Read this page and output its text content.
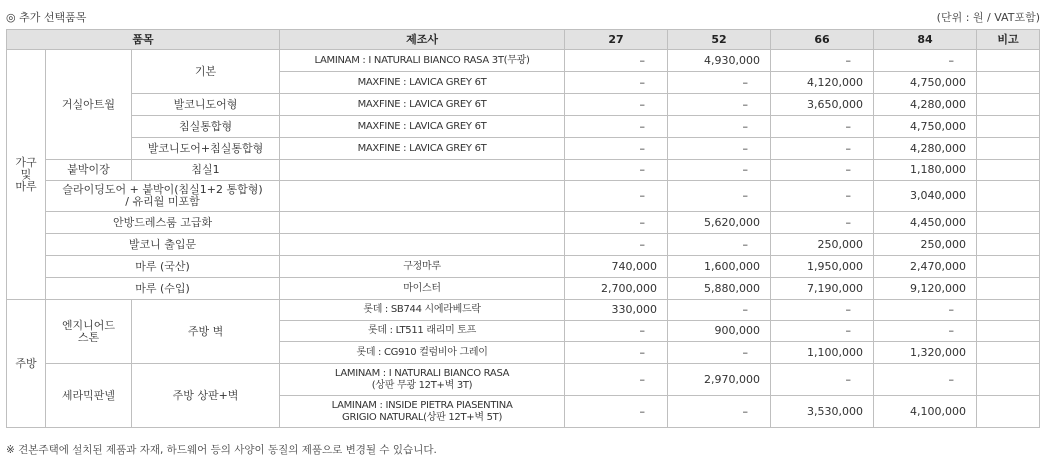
◎ 추가 선택품목	(단위 : 원 / VAT포함)
품목			제조사	27	52	66	84	비고
가구
및
마루	거실아트월	기본	LAMINAM : I NATURALI BIANCO RASA 3T(무광)	–	4,930,000	–	–	
			MAXFINE : LAVICA GREY 6T	–	–	4,120,000	4,750,000	
		발코니도어형	MAXFINE : LAVICA GREY 6T	–	–	3,650,000	4,280,000	
		침실통합형	MAXFINE : LAVICA GREY 6T	–	–	–	4,750,000	
		발코니도어+침실통합형	MAXFINE : LAVICA GREY 6T	–	–	–	4,280,000	
	붙박이장	침실1		–	–	–	1,180,000	
	슬라이딩도어 + 붙박이(침실1+2 통합형)
/ 유리월 미포함			–	–	–	3,040,000	
	안방드레스룸 고급화			–	5,620,000	–	4,450,000	
	발코니 출입문			–	–	250,000	250,000	
	마루 (국산)		구정마루	740,000	1,600,000	1,950,000	2,470,000	
	마루 (수입)		마이스터	2,700,000	5,880,000	7,190,000	9,120,000	
주방	엔지니어드
스톤	주방 벽	롯데 : SB744 시에라베드락	330,000	–	–	–	
			롯데 : LT511 래리미 토프	–	900,000	–	–	
			롯데 : CG910 컬럼비아 그레이	–	–	1,100,000	1,320,000	
	세라믹판넬	주방 상판+벽	LAMINAM : I NATURALI BIANCO RASA
(상판 무광 12T+벽 3T)	–	2,970,000	–	–	
			LAMINAM : INSIDE PIETRA PIASENTINA
GRIGIO NATURAL(상판 12T+벽 5T)	–	–	3,530,000	4,100,000	
※ 견본주택에 설치된 제품과 자재, 하드웨어 등의 사양이 동질의 제품으로 변경될 수 있습니다.
